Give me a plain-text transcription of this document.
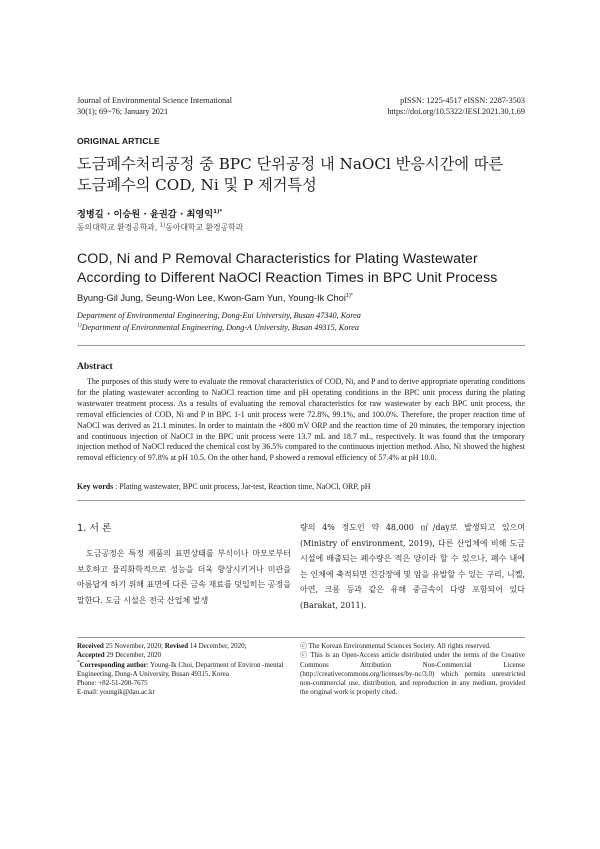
Journal of Environmental Science International
30(1); 69~76; January 2021
pISSN: 1225-4517 eISSN: 2287-3503
https://doi.org/10.5322/JESI.2021.30.1.69
ORIGINAL ARTICLE
도금폐수처리공정 중 BPC 단위공정 내 NaOCl 반응시간에 따른
도금폐수의 COD, Ni 및 P 제거특성
정병길 · 이승원 · 윤권감 · 최영익$^{1)*}$
동의대학교 환경공학과, $^{1)}$동아대학교 환경공학과
COD, Ni and P Removal Characteristics for Plating Wastewater
According to Different NaOCl Reaction Times in BPC Unit Process
Byung-Gil Jung, Seung-Won Lee, Kwon-Gam Yun, Young-Ik Choi$^{1)*}$
Department of Environmental Engineering, Dong-Eui University, Busan 47340, Korea
$^{1)}$Department of Environmental Engineering, Dong-A University, Busan 49315, Korea
Abstract
The purposes of this study were to evaluate the removal characteristics of COD, Ni, and P and to derive appropriate operating conditions for the plating wastewater according to NaOCl reaction time and pH operating conditions in the BPC unit process during the plating wastewater treatment process. As a results of evaluating the removal characteristics for raw wastewater by each BPC unit process, the removal efficiencies of COD, Ni and P in BPC 1-1 unit process were 72.8%, 99.1%, and 100.0%. Therefore, the proper reaction time of NaOCl was derived as 21.1 minutes. In order to maintain the +800 mV ORP and the reaction time of 20 minutes, the temporary injection and continuous injection of NaOCl in the BPC unit process were 13.7 mL and 18.7 mL, respectively. It was found that the temporary injection method of NaOCl reduced the chemical cost by 36.5% compared to the continuous injection method. Also, Ni showed the highest removal efficiency of 97.8% at pH 10.5. On the other hand, P showed a removal efficiency of 57.4% at pH 10.0.
Key words : Plating wastewater, BPC unit process, Jar-test, Reaction time, NaOCl, ORP, pH
1. 서 론
도금공정은 특정 제품의 표면상태를 부식이나 마모로부터 보호하고 물리화학적으로 성능을 더욱 향상시키거나 미관을 아름답게 하기 위해 표면에 다른 금속 재료를 덧입히는 공정을 말한다. 도금 시설은 전국 산업체 발생
량의 4% 정도인 약 48,000 ㎥/day로 발생되고 있으며 (Ministry of environment, 2019), 다른 산업체에 비해 도금 시설에 배출되는 폐수량은 적은 양이라 할 수 있으나, 폐수 내에는 인체에 축적되면 건강장애 및 암을 유발할 수 있는 구리, 니켈, 아연, 크롬 등과 같은 유해 중금속이 다량 포함되어 있다(Barakat, 2011).
Received 25 November, 2020; Revised 14 December, 2020;
Accepted 29 December, 2020
*Corresponding author: Young-Ik Choi, Department of Environ -mental Engineering, Dong-A University, Busan 49315, Korea
Phone: +82-51-200-7675
E-mail: youngik@dau.ac.kr
ⓒ The Korean Environmental Sciences Society. All rights reserved.
ⓒ This is an Open-Access article distributed under the terms of the Creative Commons Attribution Non-Commercial License (http://creativecommons.org/licenses/by-nc/3.0) which permits unrestricted non-commercial use, distribution, and reproduction in any medium, provided the original work is properly cited.
